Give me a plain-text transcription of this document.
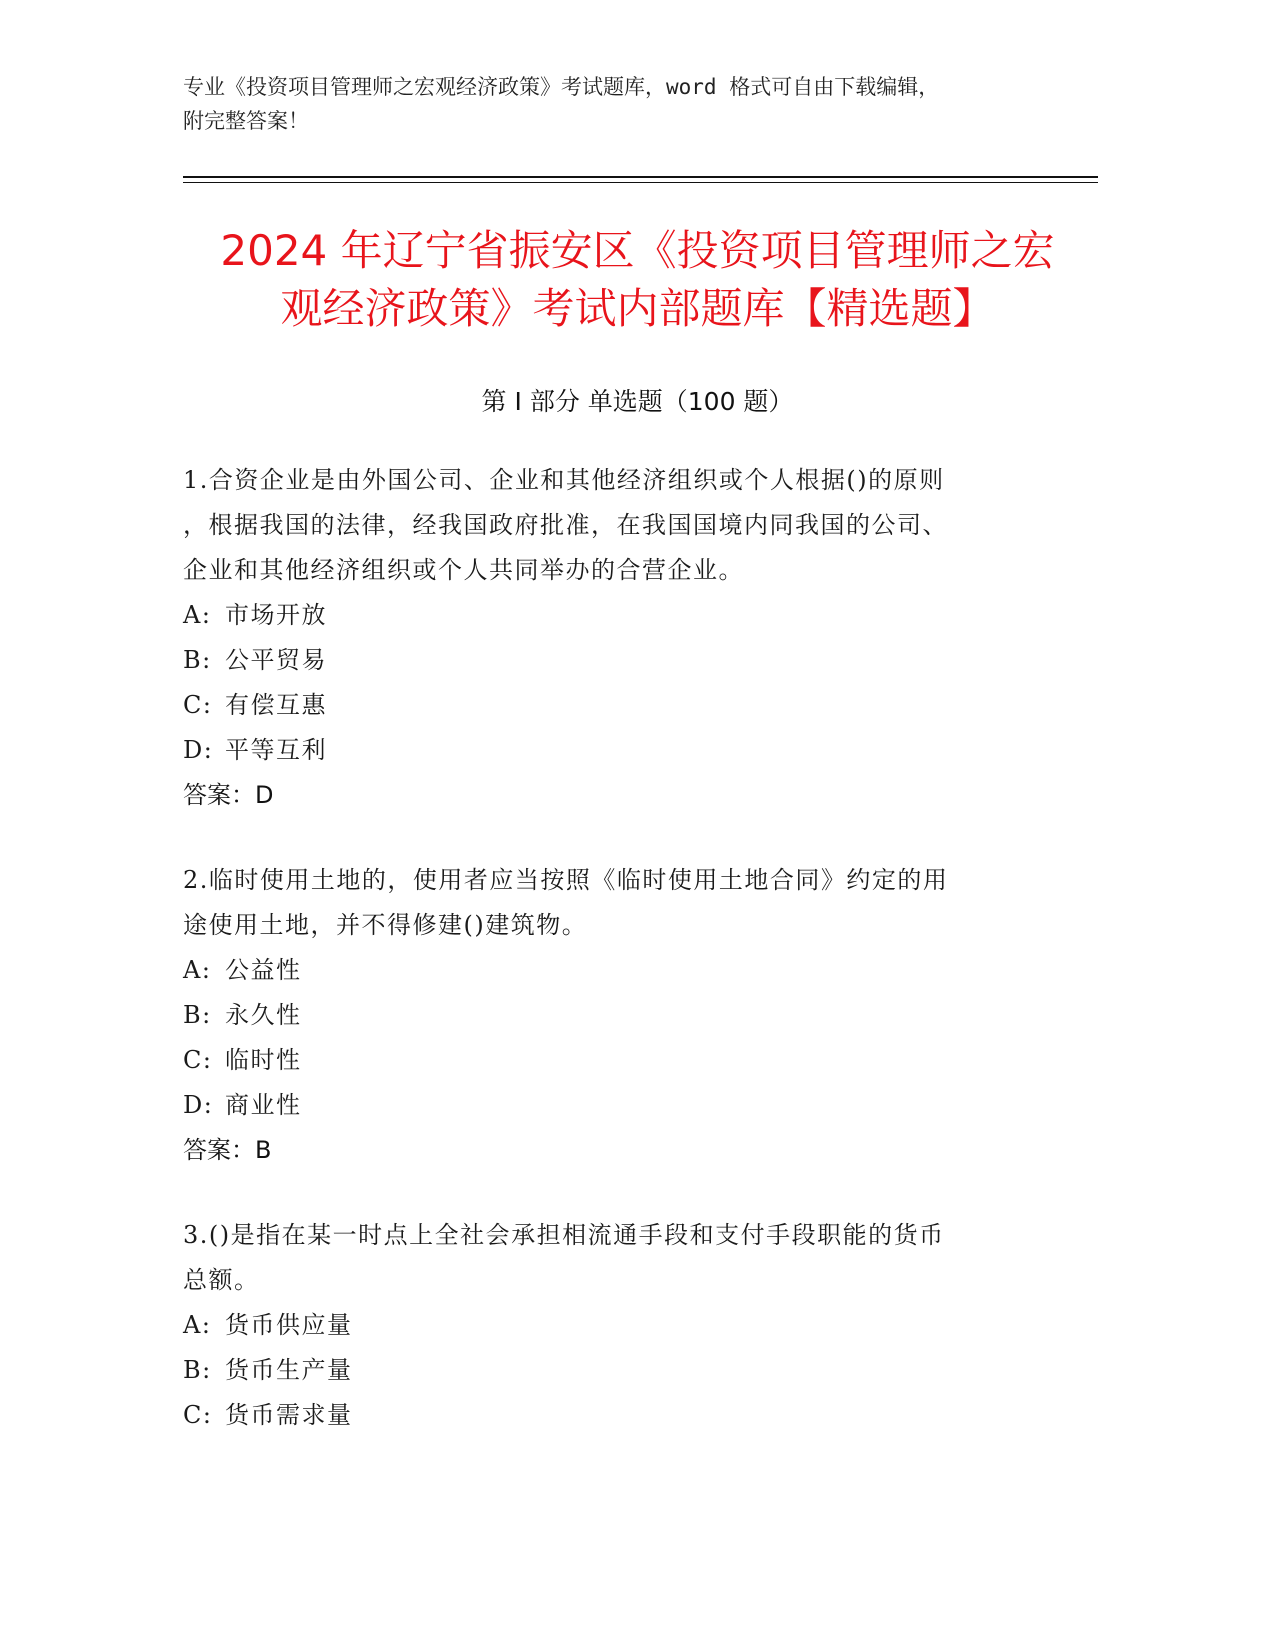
专业《投资项目管理师之宏观经济政策》考试题库，word 格式可自由下载编辑，
附完整答案！
2024 年辽宁省振安区《投资项目管理师之宏
观经济政策》考试内部题库【精选题】
第 I 部分 单选题（100 题）

1.合资企业是由外国公司、企业和其他经济组织或个人根据()的原则

，根据我国的法律，经我国政府批准，在我国国境内同我国的公司、

企业和其他经济组织或个人共同举办的合营企业。

A: 市场开放

B: 公平贸易

C: 有偿互惠

D: 平等互利

答案：D

2.临时使用土地的，使用者应当按照《临时使用土地合同》约定的用

途使用土地，并不得修建()建筑物。

A: 公益性

B: 永久性

C: 临时性

D: 商业性

答案：B

3.()是指在某一时点上全社会承担相流通手段和支付手段职能的货币

总额。

A: 货币供应量

B: 货币生产量

C: 货币需求量
